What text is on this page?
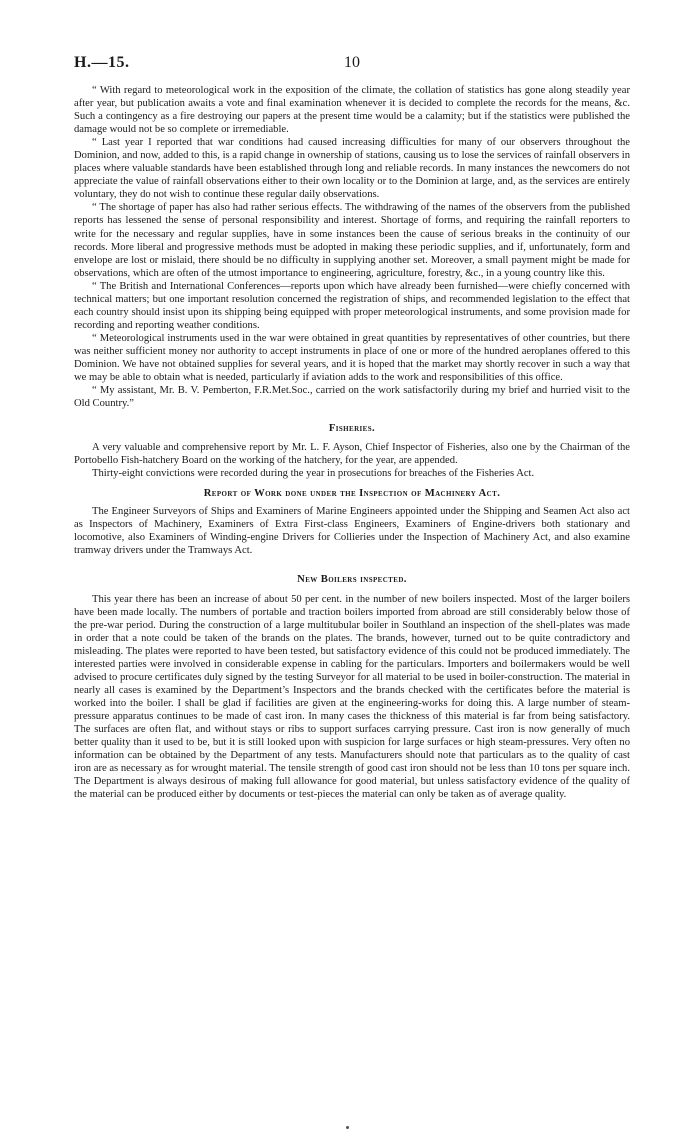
H.—15.	10

“ With regard to meteorological work in the exposition of the climate, the collation of statistics has gone along steadily year after year, but publication awaits a vote and final examination whenever it is decided to complete the records for the means, &c. Such a contingency as a fire destroying our papers at the present time would be a calamity; but if the statistics were published the damage would not be so complete or irremediable.

“ Last year I reported that war conditions had caused increasing difficulties for many of our observers throughout the Dominion, and now, added to this, is a rapid change in ownership of stations, causing us to lose the services of rainfall observers in places where valuable standards have been established through long and reliable records. In many instances the newcomers do not appreciate the value of rainfall observations either to their own locality or to the Dominion at large, and, as the services are entirely voluntary, they do not wish to continue these regular daily observations.

“ The shortage of paper has also had rather serious effects. The withdrawing of the names of the observers from the published reports has lessened the sense of personal responsibility and interest. Shortage of forms, and requiring the rainfall reporters to write for the necessary and regular supplies, have in some instances been the cause of serious breaks in the continuity of our records. More liberal and progressive methods must be adopted in making these periodic supplies, and if, unfortunately, form and envelope are lost or mislaid, there should be no difficulty in supplying another set. Moreover, a small payment might be made for observations, which are often of the utmost importance to engineering, agriculture, forestry, &c., in a young country like this.

“ The British and International Conferences—reports upon which have already been furnished—were chiefly concerned with technical matters; but one important resolution concerned the registration of ships, and recommended legislation to the effect that each country should insist upon its shipping being equipped with proper meteorological instruments, and some provision made for recording and reporting weather conditions.

“ Meteorological instruments used in the war were obtained in great quantities by representatives of other countries, but there was neither sufficient money nor authority to accept instruments in place of one or more of the hundred aeroplanes offered to this Dominion. We have not obtained supplies for several years, and it is hoped that the market may shortly recover in such a way that we may be able to obtain what is needed, particularly if aviation adds to the work and responsibilities of this office.

“ My assistant, Mr. B. V. Pemberton, F.R.Met.Soc., carried on the work satisfactorily during my brief and hurried visit to the Old Country.”

Fisheries.

A very valuable and comprehensive report by Mr. L. F. Ayson, Chief Inspector of Fisheries, also one by the Chairman of the Portobello Fish-hatchery Board on the working of the hatchery, for the year, are appended.

Thirty-eight convictions were recorded during the year in prosecutions for breaches of the Fisheries Act.

Report of Work done under the Inspection of Machinery Act.

The Engineer Surveyors of Ships and Examiners of Marine Engineers appointed under the Shipping and Seamen Act also act as Inspectors of Machinery, Examiners of Extra First-class Engineers, Examiners of Engine-drivers both stationary and locomotive, also Examiners of Winding-engine Drivers for Collieries under the Inspection of Machinery Act, and also examine tramway drivers under the Tramways Act.

New Boilers inspected.

This year there has been an increase of about 50 per cent. in the number of new boilers inspected. Most of the larger boilers have been made locally. The numbers of portable and traction boilers imported from abroad are still considerably below those of the pre-war period. During the construction of a large multitubular boiler in Southland an inspection of the shell-plates was made in order that a note could be taken of the brands on the plates. The brands, however, turned out to be quite contradictory and misleading. The plates were reported to have been tested, but satisfactory evidence of this could not be produced immediately. The interested parties were involved in considerable expense in cabling for the particulars. Importers and boilermakers would be well advised to procure certificates duly signed by the testing Surveyor for all material to be used in boiler-construction. The material in nearly all cases is examined by the Department’s Inspectors and the brands checked with the certificates before the material is worked into the boiler. I shall be glad if facilities are given at the engineering-works for doing this. A large number of steam-pressure apparatus continues to be made of cast iron. In many cases the thickness of this material is far from being satisfactory. The surfaces are often flat, and without stays or ribs to support surfaces carrying pressure. Cast iron is now generally of much better quality than it used to be, but it is still looked upon with suspicion for large surfaces or high steam-pressures. Very often no information can be obtained by the Department of any tests. Manufacturers should note that particulars as to the quality of cast iron are as necessary as for wrought material. The tensile strength of good cast iron should not be less than 10 tons per square inch. The Department is always desirous of making full allowance for good material, but unless satisfactory evidence of the quality of the material can be produced either by documents or test-pieces the material can only be taken as of average quality.
